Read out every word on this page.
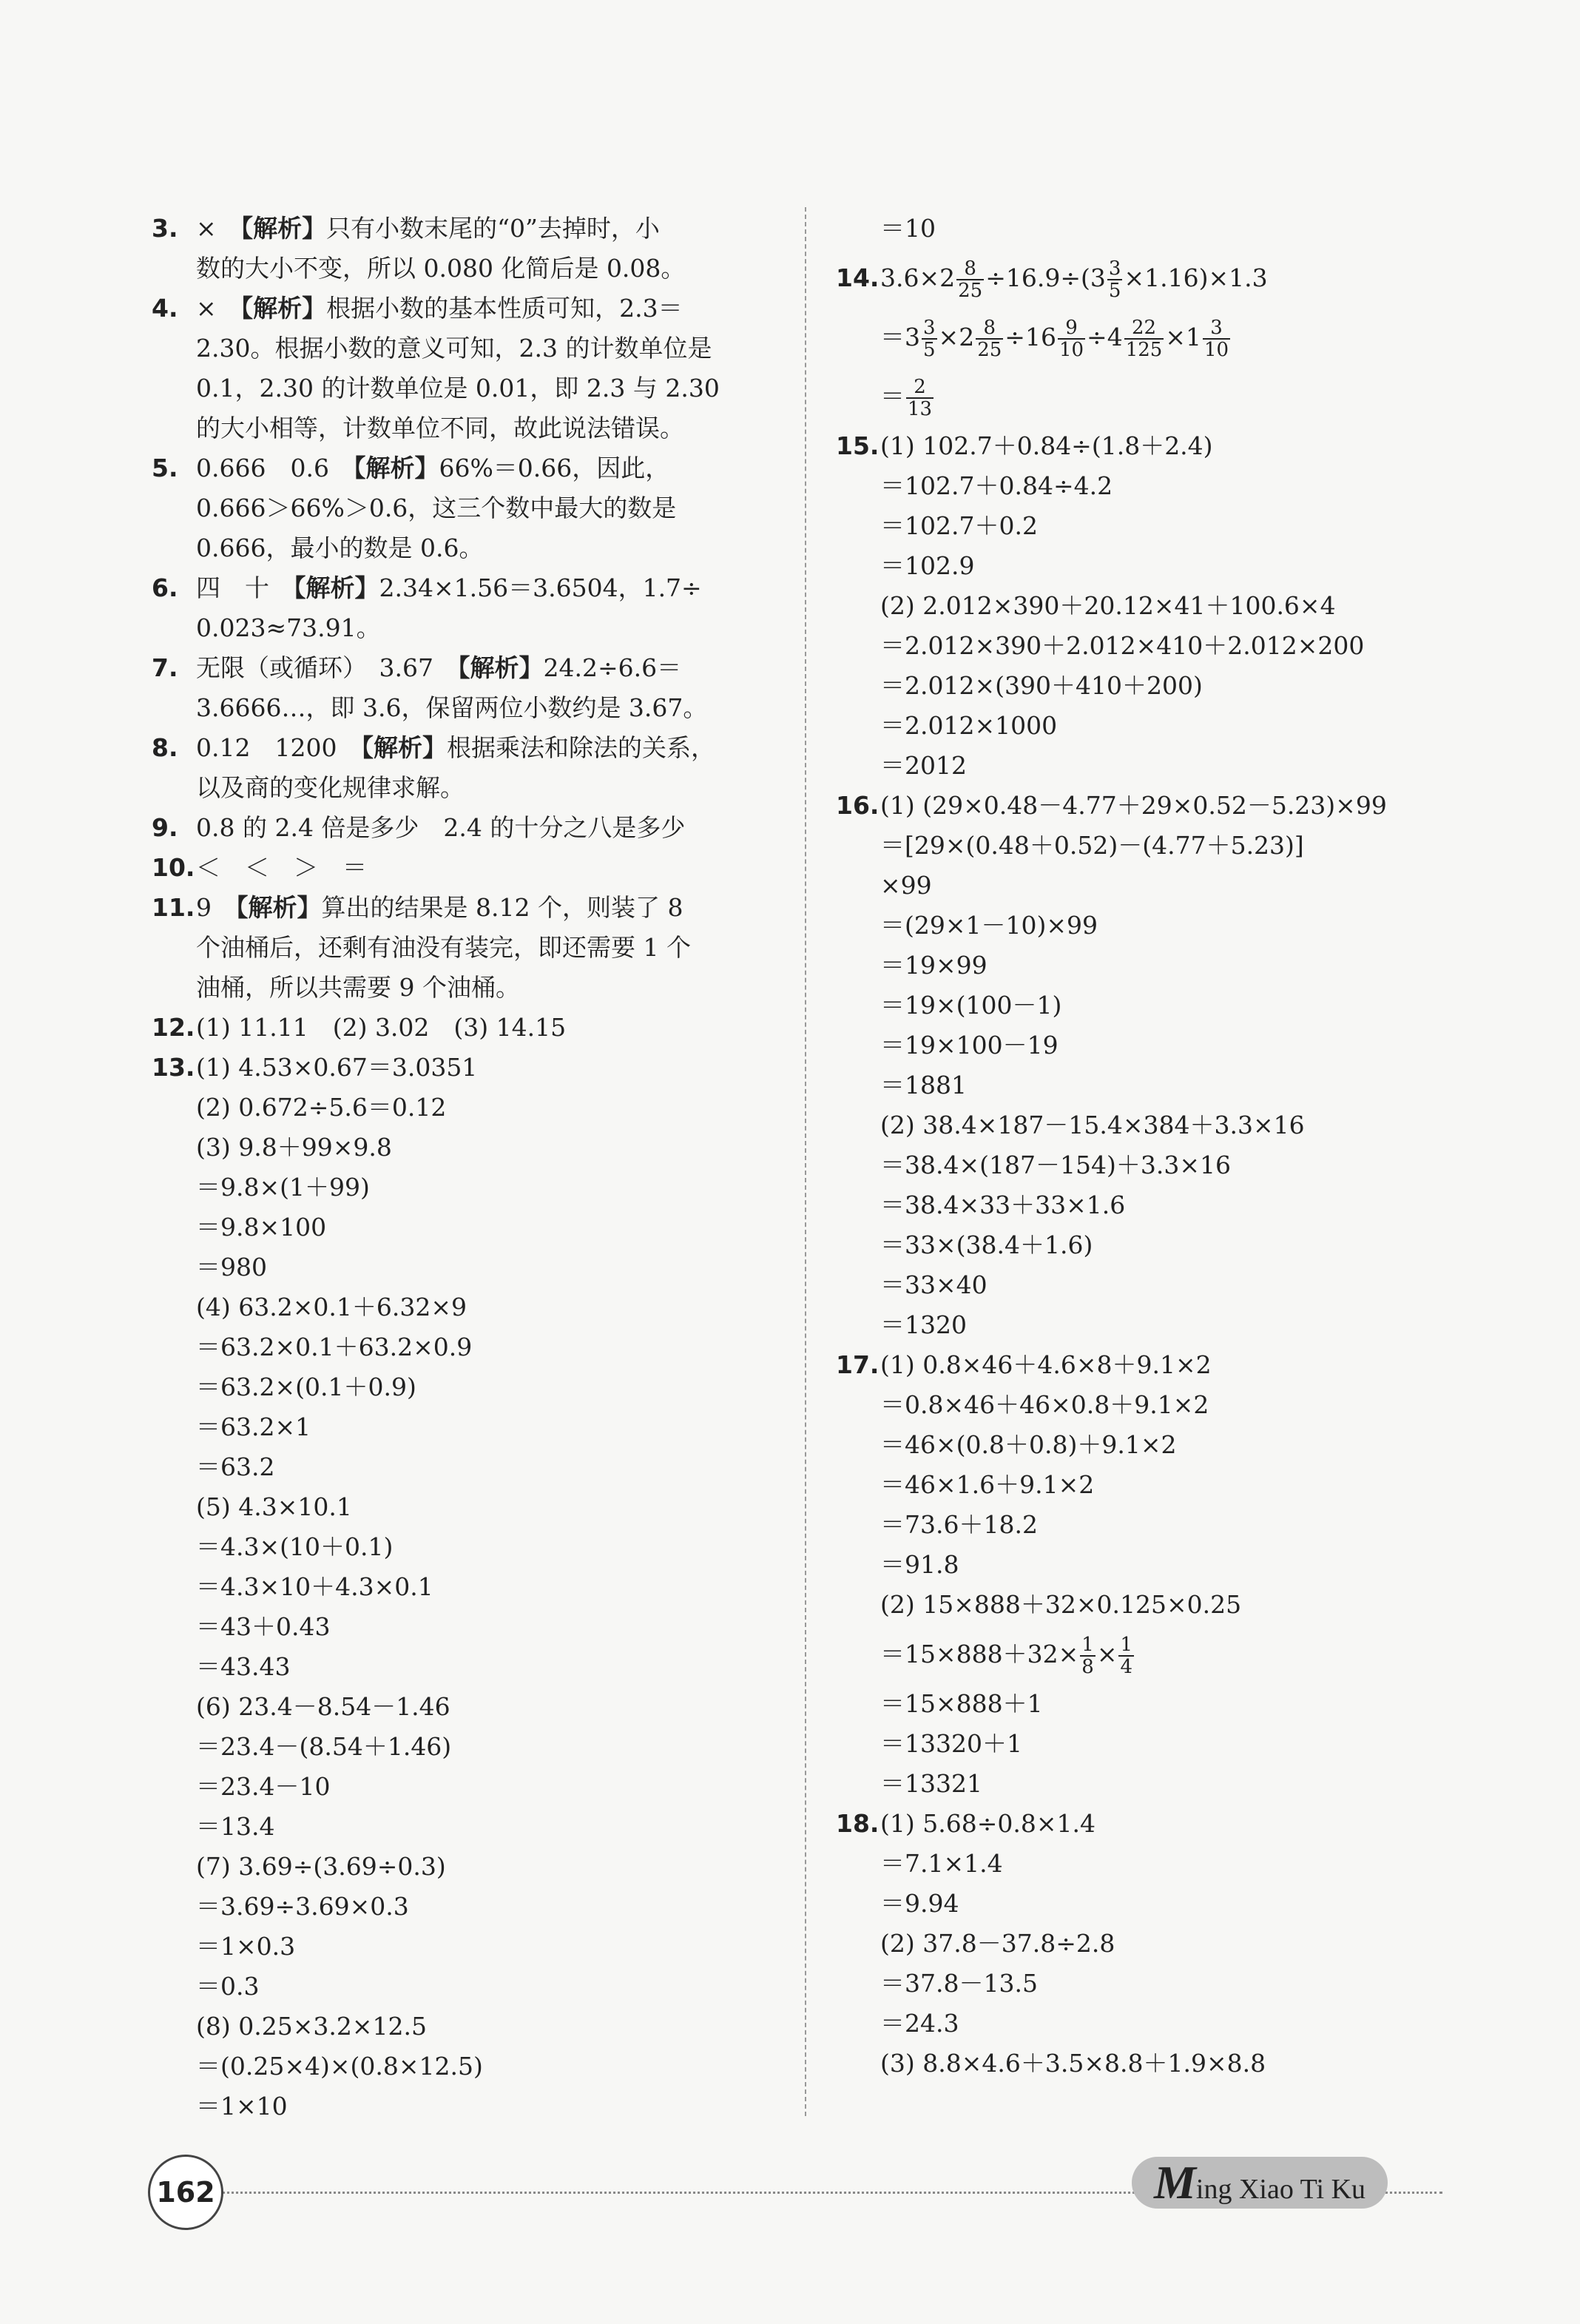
3. ×　【解析】只有小数末尾的“0”去掉时，小
数的大小不变，所以 0.080 化简后是 0.08。
4. ×　【解析】根据小数的基本性质可知，2.3＝
2.30。根据小数的意义可知，2.3 的计数单位是
0.1，2.30 的计数单位是 0.01，即 2.3 与 2.30
的大小相等，计数单位不同，故此说法错误。
5. 0.666　0.6　【解析】66%＝0.66，因此，
0.666＞66%＞0.6，这三个数中最大的数是
0.666，最小的数是 0.6。
6. 四　十　【解析】2.34×1.56＝3.6504，1.7÷
0.023≈73.91。
7. 无限（或循环）　3.67　【解析】24.2÷6.6＝
3.6666…，即 3.6，保留两位小数约是 3.67。
8. 0.12　1200　【解析】根据乘法和除法的关系，
以及商的变化规律求解。
9. 0.8 的 2.4 倍是多少　2.4 的十分之八是多少
10.＜　＜　＞　＝
11.9　【解析】算出的结果是 8.12 个，则装了 8
个油桶后，还剩有油没有装完，即还需要 1 个
油桶，所以共需要 9 个油桶。
12.(1) 11.11　(2) 3.02　(3) 14.15
13.(1) 4.53×0.67＝3.0351
(2) 0.672÷5.6＝0.12
(3) 9.8＋99×9.8
＝9.8×(1＋99)
＝9.8×100
＝980
(4) 63.2×0.1＋6.32×9
＝63.2×0.1＋63.2×0.9
＝63.2×(0.1＋0.9)
＝63.2×1
＝63.2
(5) 4.3×10.1
＝4.3×(10＋0.1)
＝4.3×10＋4.3×0.1
＝43＋0.43
＝43.43
(6) 23.4－8.54－1.46
＝23.4－(8.54＋1.46)
＝23.4－10
＝13.4
(7) 3.69÷(3.69÷0.3)
＝3.69÷3.69×0.3
＝1×0.3
＝0.3
(8) 0.25×3.2×12.5
＝(0.25×4)×(0.8×12.5)
＝1×10
＝10
$14.3.6\times 2 \frac{8}{25} \div 16.9\div(3 \frac{3}{5} \times 1.16)\times 1.3$
$=3 \frac{3}{5} \times 2 \frac{8}{25} \div 16 \frac{9}{10} \div 4 \frac{22}{125} \times 1 \frac{3}{10}$
＝ $\frac{2}{13}$
15.(1) 102.7＋0.84÷(1.8＋2.4)
＝102.7＋0.84÷4.2
＝102.7＋0.2
＝102.9
(2) 2.012×390＋20.12×41＋100.6×4
＝2.012×390＋2.012×410＋2.012×200
＝2.012×(390＋410＋200)
＝2.012×1000
＝2012
16.(1) (29×0.48－4.77＋29×0.52－5.23)×99
＝[29×(0.48＋0.52)－(4.77＋5.23)]
×99
＝(29×1－10)×99
＝19×99
＝19×(100－1)
＝19×100－19
＝1881
(2) 38.4×187－15.4×384＋3.3×16
＝38.4×(187－154)＋3.3×16
＝38.4×33＋33×1.6
＝33×(38.4＋1.6)
＝33×40
＝1320
17.(1) 0.8×46＋4.6×8＋9.1×2
＝0.8×46＋46×0.8＋9.1×2
＝46×(0.8＋0.8)＋9.1×2
＝46×1.6＋9.1×2
＝73.6＋18.2
＝91.8
(2) 15×888＋32×0.125×0.25
$=15\times 888+32\times \frac{1}{8} \times \frac{1}{4}$
＝15×888＋1
＝13320＋1
＝13321
18.(1) 5.68÷0.8×1.4
＝7.1×1.4
＝9.94
(2) 37.8－37.8÷2.8
＝37.8－13.5
＝24.3
(3) 8.8×4.6＋3.5×8.8＋1.9×8.8
162	Ming Xiao Ti Ku
